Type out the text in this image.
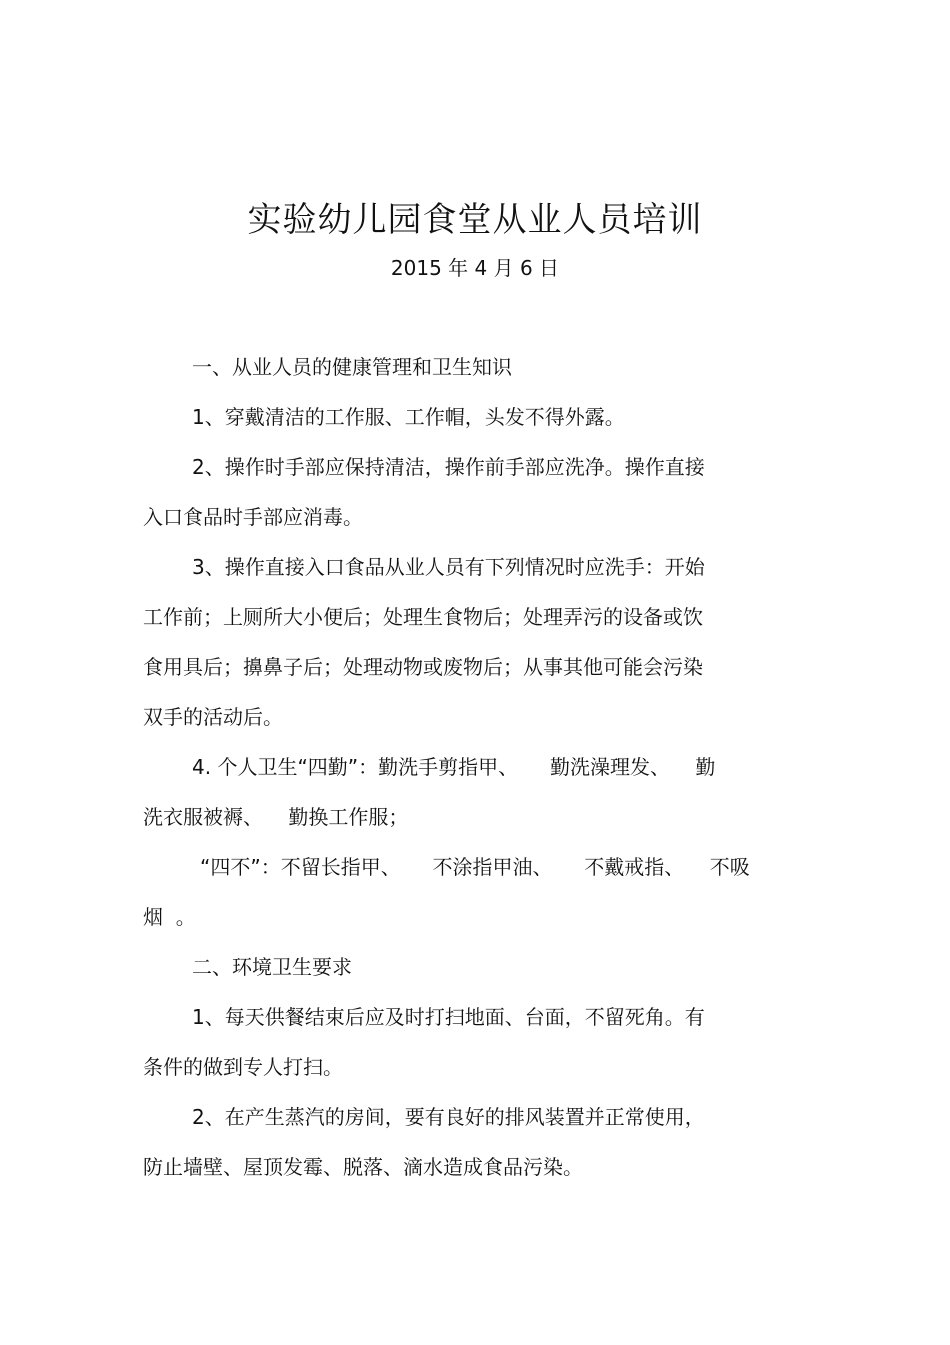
实验幼儿园食堂从业人员培训
2015 年 4 月 6 日
一、从业人员的健康管理和卫生知识
1、穿戴清洁的工作服、工作帽，头发不得外露。
2、操作时手部应保持清洁，操作前手部应洗净。操作直接
入口食品时手部应消毒。
3、操作直接入口食品从业人员有下列情况时应洗手：开始
工作前；上厕所大小便后；处理生食物后；处理弄污的设备或饮
食用具后；擤鼻子后；处理动物或废物后；从事其他可能会污染
双手的活动后。
4. 个人卫生“四勤”：勤洗手剪指甲、     勤洗澡理发、    勤
洗衣服被褥、    勤换工作服；
“四不”：不留长指甲、     不涂指甲油、     不戴戒指、    不吸
烟  。
二、环境卫生要求
1、每天供餐结束后应及时打扫地面、台面，不留死角。有
条件的做到专人打扫。
2、在产生蒸汽的房间，要有良好的排风装置并正常使用，
防止墙壁、屋顶发霉、脱落、滴水造成食品污染。
